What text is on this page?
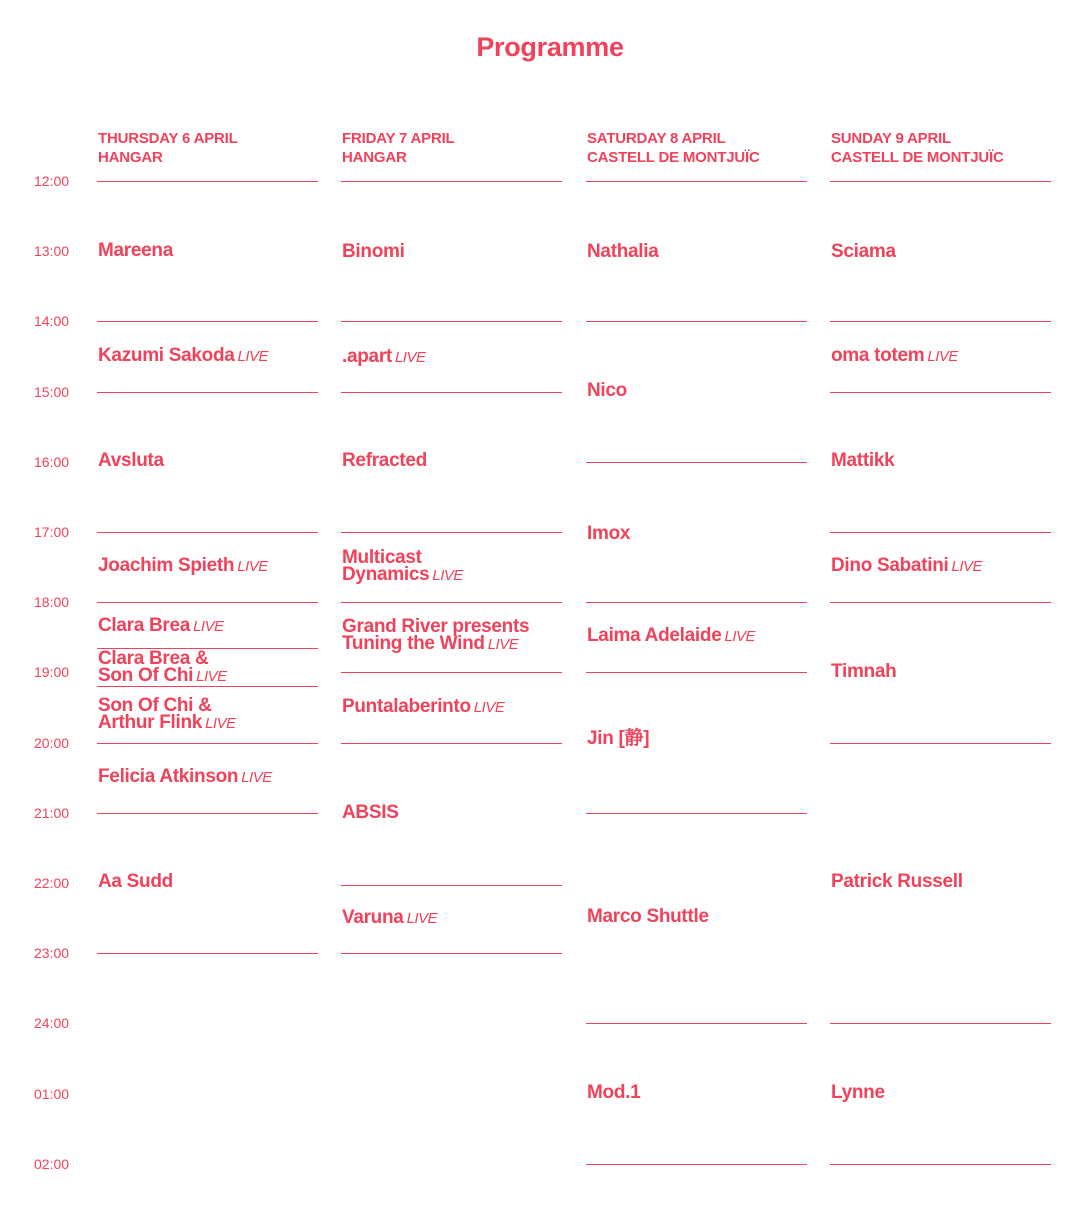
Programme
12:00
13:00
14:00
15:00
16:00
17:00
18:00
19:00
20:00
21:00
22:00
23:00
24:00
01:00
02:00
THURSDAY 6 APRIL
HANGAR
Mareena
Kazumi Sakoda LIVE
Avsluta
Joachim Spieth LIVE
Clara Brea LIVE
Clara Brea &
Son Of Chi LIVE
Son Of Chi &
Arthur Flink LIVE
Felicia Atkinson LIVE
Aa Sudd
FRIDAY 7 APRIL
HANGAR
Binomi
.apart LIVE
Refracted
Multicast
Dynamics LIVE
Grand River presents
Tuning the Wind LIVE
Puntalaberinto LIVE
ABSIS
Varuna LIVE
SATURDAY 8 APRIL
CASTELL DE MONTJUÏC
Nathalia
Nico
Imox
Laima Adelaide LIVE
Jin [静]
Marco Shuttle
Mod.1
SUNDAY 9 APRIL
CASTELL DE MONTJUÏC
Sciama
oma totem LIVE
Mattikk
Dino Sabatini LIVE
Timnah
Patrick Russell
Lynne
